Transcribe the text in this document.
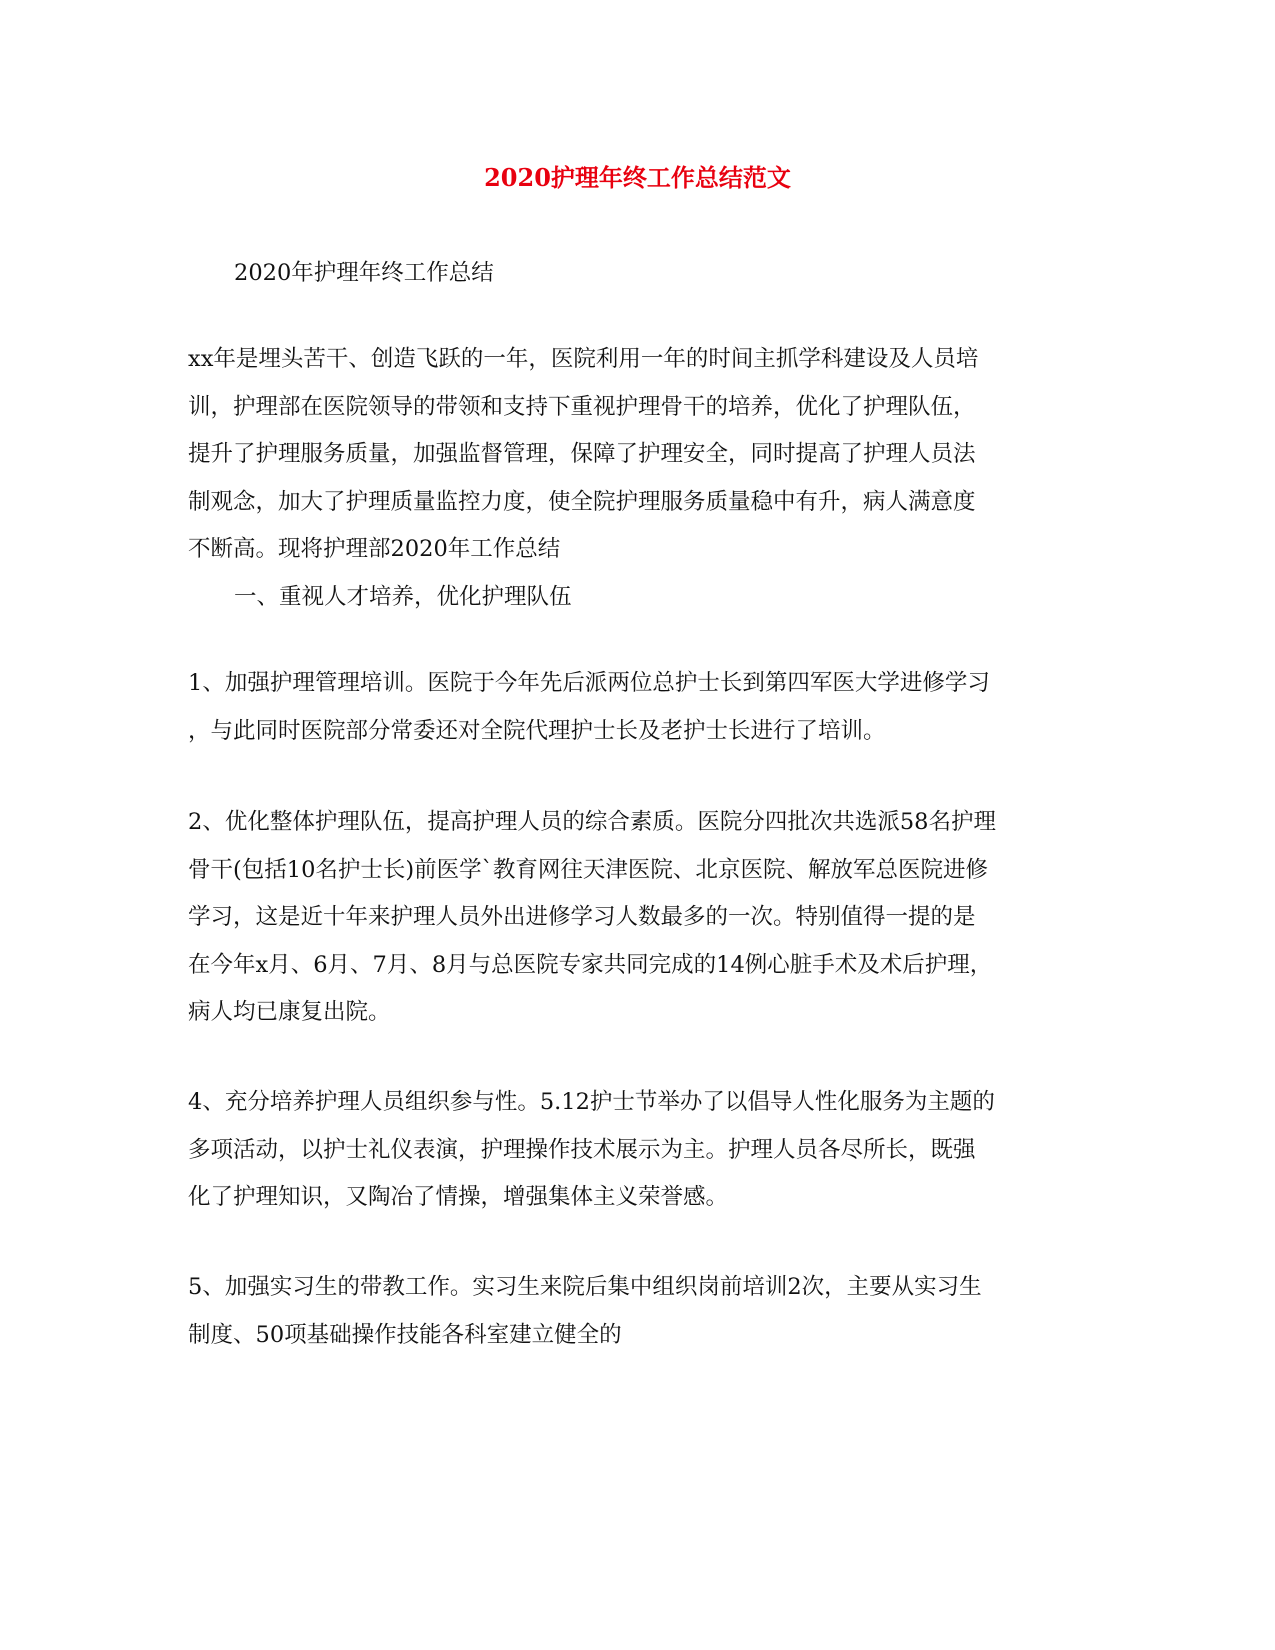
2020护理年终工作总结范文

2020年护理年终工作总结

xx年是埋头苦干、创造飞跃的一年，医院利用一年的时间主抓学科建设及人员培
训，护理部在医院领导的带领和支持下重视护理骨干的培养，优化了护理队伍，
提升了护理服务质量，加强监督管理，保障了护理安全，同时提高了护理人员法
制观念，加大了护理质量监控力度，使全院护理服务质量稳中有升，病人满意度
不断高。现将护理部2020年工作总结

一、重视人才培养，优化护理队伍

1、加强护理管理培训。医院于今年先后派两位总护士长到第四军医大学进修学习
，与此同时医院部分常委还对全院代理护士长及老护士长进行了培训。

2、优化整体护理队伍，提高护理人员的综合素质。医院分四批次共选派58名护理
骨干(包括10名护士长)前医学`教育网往天津医院、北京医院、解放军总医院进修
学习，这是近十年来护理人员外出进修学习人数最多的一次。特别值得一提的是
在今年x月、6月、7月、8月与总医院专家共同完成的14例心脏手术及术后护理，
病人均已康复出院。

4、充分培养护理人员组织参与性。5.12护士节举办了以倡导人性化服务为主题的
多项活动，以护士礼仪表演，护理操作技术展示为主。护理人员各尽所长，既强
化了护理知识，又陶冶了情操，增强集体主义荣誉感。

5、加强实习生的带教工作。实习生来院后集中组织岗前培训2次，主要从实习生
制度、50项基础操作技能各科室建立健全的
